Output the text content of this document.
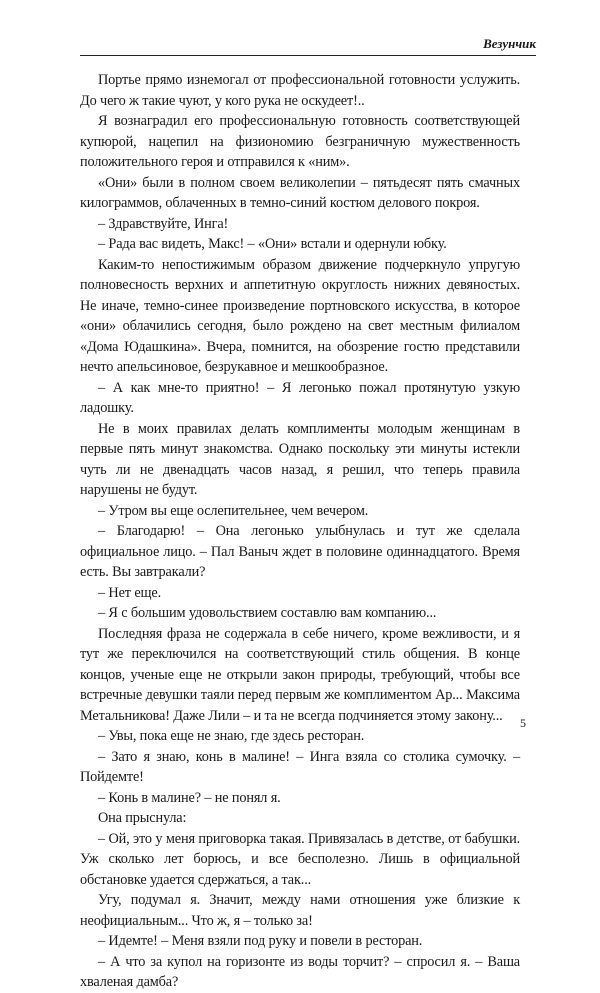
Везунчик

Портье прямо изнемогал от профессиональной готовности услужить. До чего ж такие чуют, у кого рука не оскудеет!..

Я вознаградил его профессиональную готовность соответствующей купюрой, нацепил на физиономию безграничную мужественность положительного героя и отправился к «ним».

«Они» были в полном своем великолепии – пятьдесят пять смачных килограммов, облаченных в темно-синий костюм делового покроя.

– Здравствуйте, Инга!

– Рада вас видеть, Макс! – «Они» встали и одернули юбку.

Каким-то непостижимым образом движение подчеркнуло упругую полновесность верхних и аппетитную округлость нижних девяностых. Не иначе, темно-синее произведение портновского искусства, в которое «они» облачились сегодня, было рождено на свет местным филиалом «Дома Юдашкина». Вчера, помнится, на обозрение гостю представили нечто апельсиновое, безрукавное и мешкообразное.

– А как мне-то приятно! – Я легонько пожал протянутую узкую ладошку.

Не в моих правилах делать комплименты молодым женщинам в первые пять минут знакомства. Однако поскольку эти минуты истекли чуть ли не двенадцать часов назад, я решил, что теперь правила нарушены не будут.

– Утром вы еще ослепительнее, чем вечером.

– Благодарю! – Она легонько улыбнулась и тут же сделала официальное лицо. – Пал Ваныч ждет в половине одиннадцатого. Время есть. Вы завтракали?

– Нет еще.

– Я с большим удовольствием составлю вам компанию...

Последняя фраза не содержала в себе ничего, кроме вежливости, и я тут же переключился на соответствующий стиль общения. В конце концов, ученые еще не открыли закон природы, требующий, чтобы все встречные девушки таяли перед первым же комплиментом Ар... Максима Метальникова! Даже Лили – и та не всегда подчиняется этому закону...

– Увы, пока еще не знаю, где здесь ресторан.

– Зато я знаю, конь в малине! – Инга взяла со столика сумочку. – Пойдемте!

– Конь в малине? – не понял я.

Она прыснула:

– Ой, это у меня приговорка такая. Привязалась в детстве, от бабушки. Уж сколько лет борюсь, и все бесполезно. Лишь в официальной обстановке удается сдержаться, а так...

Угу, подумал я. Значит, между нами отношения уже близкие к неофициальным... Что ж, я – только за!

– Идемте! – Меня взяли под руку и повели в ресторан.

– А что за купол на горизонте из воды торчит? – спросил я. – Ваша хваленая дамба?

5
